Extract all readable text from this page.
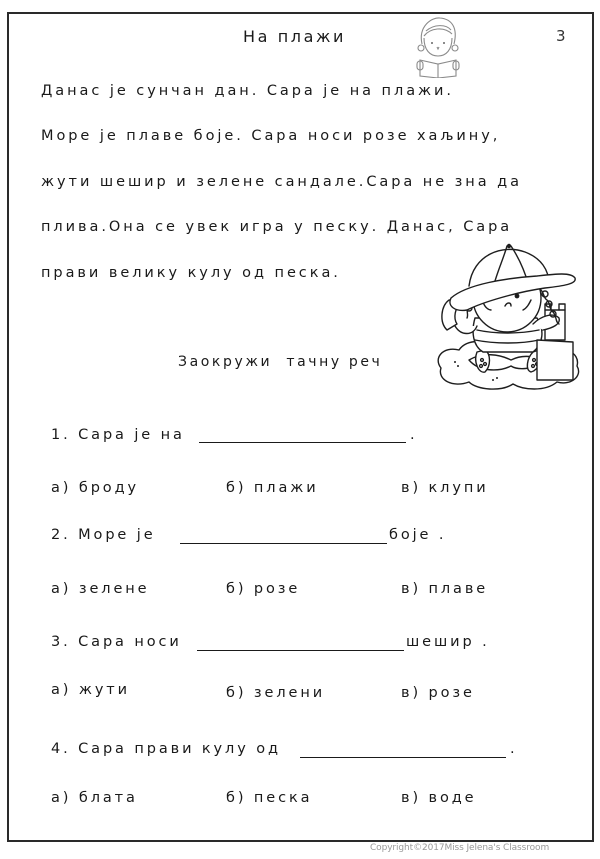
На плажи	3
Данас је сунчан дан. Сара је на плажи.
Море је плаве боје. Сара носи розе хаљину,
жути шешир и зелене сандале.Сара не зна да
плива.Она се увек игра у песку. Данас, Сара
прави велику кулу од песка.
Заокружи  тачну реч
1. Сара је на	.
а) броду	б) плажи	в) клупи
2. Море је	боје .
а) зелене	б) розе	в) плаве
3. Сара носи	шешир .
а) жути	б) зелени	в) розе
4. Сара прави кулу од	.
а) блата	б) песка	в) воде
Copyright©2017Miss Jelena's Classroom
